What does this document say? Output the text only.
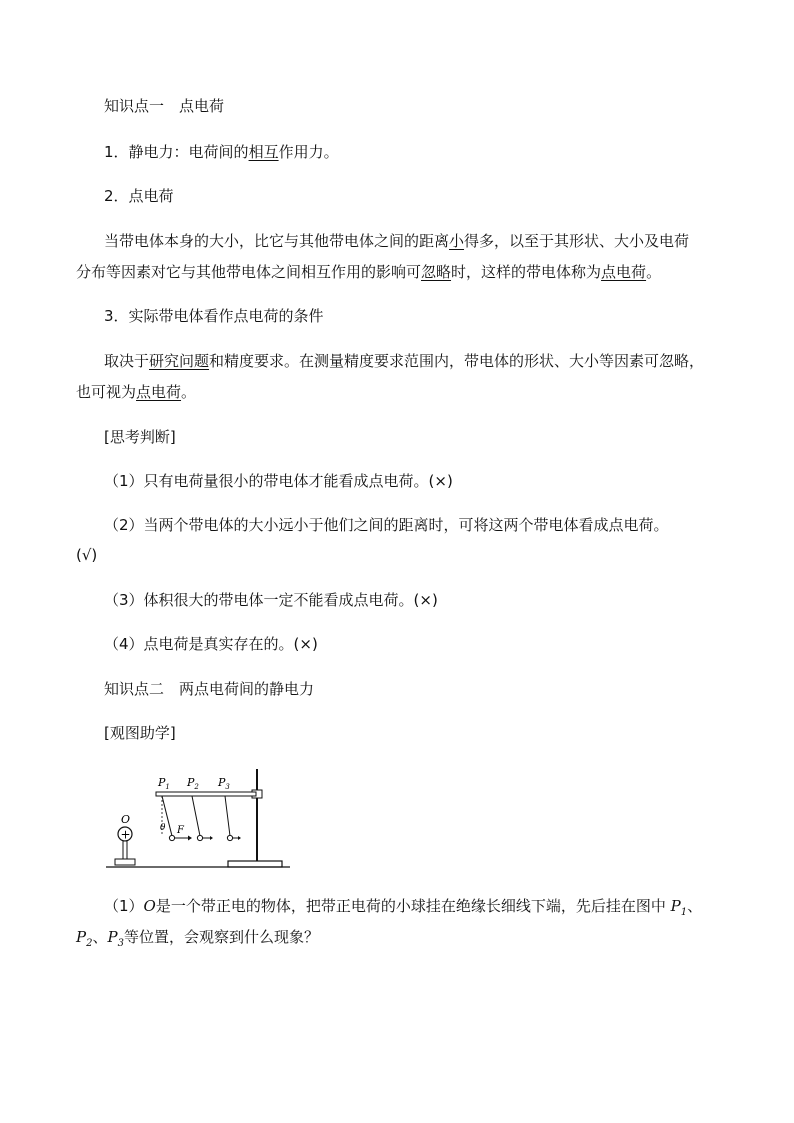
知识点一　点电荷
1．静电力：电荷间的相互作用力。
2．点电荷
当带电体本身的大小，比它与其他带电体之间的距离小得多，以至于其形状、大小及电荷
分布等因素对它与其他带电体之间相互作用的影响可忽略时，这样的带电体称为点电荷。
3．实际带电体看作点电荷的条件
取决于研究问题和精度要求。在测量精度要求范围内，带电体的形状、大小等因素可忽略，
也可视为点电荷。
[思考判断]
（1）只有电荷量很小的带电体才能看成点电荷。(×)
（2）当两个带电体的大小远小于他们之间的距离时，可将这两个带电体看成点电荷。
(√)
（3）体积很大的带电体一定不能看成点电荷。(×)
（4）点电荷是真实存在的。(×)
知识点二　两点电荷间的静电力
[观图助学]
$P_1$ $P_2$ $P_3$
O
+	θ F
（1）O是一个带正电的物体，把带正电荷的小球挂在绝缘长细线下端，先后挂在图中 $P_1$、
$P_2$、$P_3$等位置，会观察到什么现象？
